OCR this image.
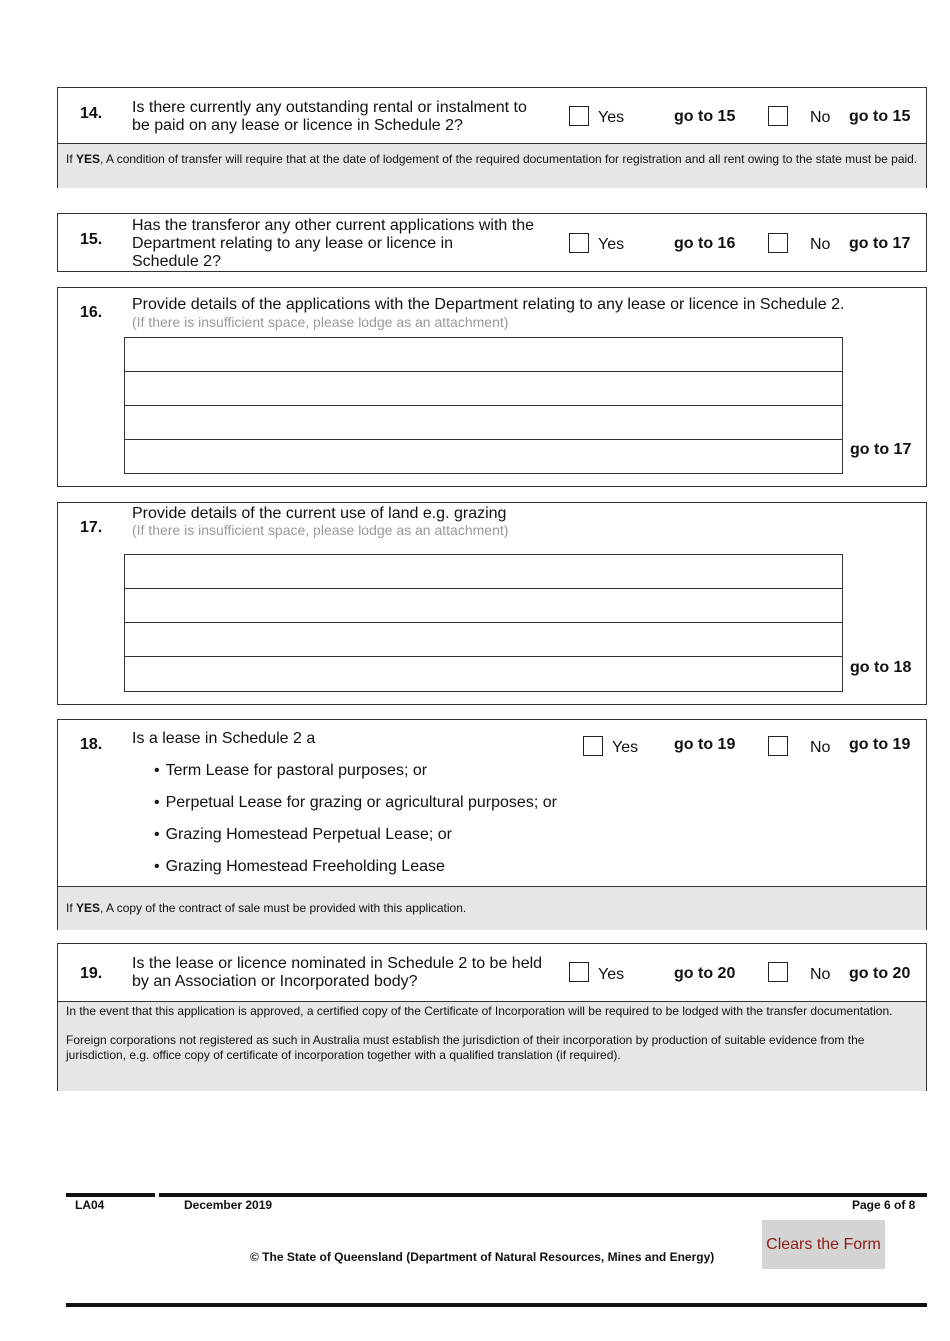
14. Is there currently any outstanding rental or instalment to
be paid on any lease or licence in Schedule 2?	Yes	go to 15	No go to 15
If YES, A condition of transfer will require that at the date of lodgement of the required documentation for registration and all rent owing to the state must be paid.
15.
Has the transferor any other current applications with the
Department relating to any lease or licence in
Schedule 2?
Yes	go to 16	No go to 17
16. Provide details of the applications with the Department relating to any lease or licence in Schedule 2.
(If there is insufficient space, please lodge as an attachment)
go to 17
17.
Provide details of the current use of land e.g. grazing
(If there is insufficient space, please lodge as an attachment)
go to 18
18. Is a lease in Schedule 2 a
• Term Lease for pastoral purposes; or
• Perpetual Lease for grazing or agricultural purposes; or
• Grazing Homestead Perpetual Lease; or
• Grazing Homestead Freeholding Lease
Yes go to 19	No go to 19
If YES, A copy of the contract of sale must be provided with this application.
19.
Is the lease or licence nominated in Schedule 2 to be held
by an Association or Incorporated body?	Yes	go to 20	No go to 20
In the event that this application is approved, a certified copy of the Certificate of Incorporation will be required to be lodged with the transfer documentation.
Foreign corporations not registered as such in Australia must establish the jurisdiction of their incorporation by production of suitable evidence from the jurisdiction, e.g. office copy of certificate of incorporation together with a qualified translation (if required).
LA04	December 2019	Page 6 of 8
© The State of Queensland (Department of Natural Resources, Mines and Energy)
Clears the Form
